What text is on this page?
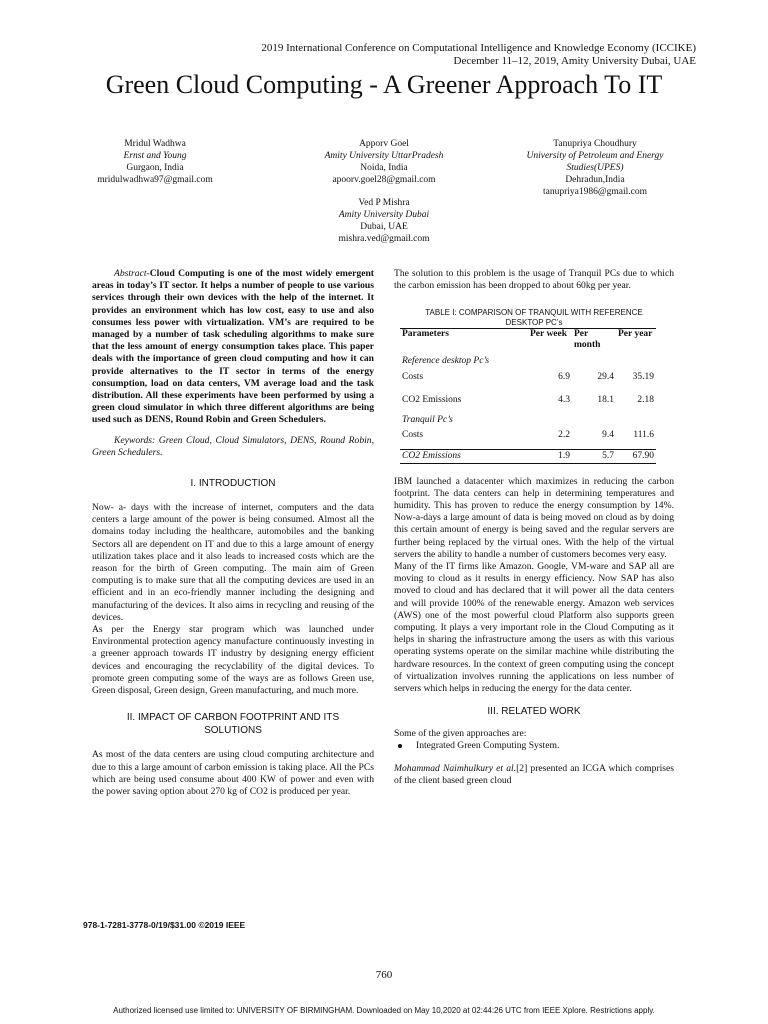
2019 International Conference on Computational Intelligence and Knowledge Economy (ICCIKE)
December 11–12, 2019, Amity University Dubai, UAE
Green Cloud Computing - A Greener Approach To IT
Mridul Wadhwa
Ernst and Young
Gurgaon, India
mridulwadhwa97@gmail.com
Apporv Goel
Amity University UttarPradesh
Noida, India
apoorv.goel28@gmail.com
Tanupriya Choudhury
University of Petroleum and Energy Studies(UPES)
Dehradun,India
tanupriya1986@gmail.com
Ved P Mishra
Amity University Dubai
Dubai, UAE
mishra.ved@gmail.com

Abstract-Cloud Computing is one of the most widely emergent areas in today’s IT sector. It helps a number of people to use various services through their own devices with the help of the internet. It provides an environment which has low cost, easy to use and also consumes less power with virtualization. VM’s are required to be managed by a number of task scheduling algorithms to make sure that the less amount of energy consumption takes place. This paper deals with the importance of green cloud computing and how it can provide alternatives to the IT sector in terms of the energy consumption, load on data centers, VM average load and the task distribution. All these experiments have been performed by using a green cloud simulator in which three different algorithms are being used such as DENS, Round Robin and Green Schedulers.

Keywords: Green Cloud, Cloud Simulators, DENS, Round Robin, Green Schedulers.

I. INTRODUCTION

Now- a- days with the increase of internet, computers and the data centers a large amount of the power is being consumed. Almost all the domains today including the healthcare, automobiles and the banking Sectors all are dependent on IT and due to this a large amount of energy utilization takes place and it also leads to increased costs which are the reason for the birth of Green computing. The main aim of Green computing is to make sure that all the computing devices are used in an efficient and in an eco-friendly manner including the designing and manufacturing of the devices. It also aims in recycling and reusing of the devices.

As per the Energy star program which was launched under Environmental protection agency manufacture continuously investing in a greener approach towards IT industry by designing energy efficient devices and encouraging the recyclability of the digital devices. To promote green computing some of the ways are as follows Green use, Green disposal, Green design, Green manufacturing, and much more.

II. IMPACT OF CARBON FOOTPRINT AND ITS
SOLUTIONS

As most of the data centers are using cloud computing architecture and due to this a large amount of carbon emission is taking place. All the PCs which are being used consume about 400 KW of power and even with the power saving option about 270 kg of CO2 is produced per year.

The solution to this problem is the usage of Tranquil PCs due to which the carbon emission has been dropped to about 60kg per year.

TABLE I: COMPARISON OF TRANQUIL WITH REFERENCE
DESKTOP PC’s
Parameters	Per week	Per month	Per year
Reference desktop Pc’s			
Costs	6.9	29.4	35.19
CO2 Emissions	4.3	18.1	2.18
Tranquil Pc’s			
Costs	2.2	9.4	111.6
CO2 Emissions	1.9	5.7	67.90

IBM launched a datacenter which maximizes in reducing the carbon footprint. The data centers can help in determining temperatures and humidity. This has proven to reduce the energy consumption by 14%. Now-a-days a large amount of data is being moved on cloud as by doing this certain amount of energy is being saved and the regular servers are further being replaced by the virtual ones. With the help of the virtual servers the ability to handle a number of customers becomes very easy.

Many of the IT firms like Amazon. Google, VM-ware and SAP all are moving to cloud as it results in energy efficiency. Now SAP has also moved to cloud and has declared that it will power all the data centers and will provide 100% of the renewable energy. Amazon web services (AWS) one of the most powerful cloud Platform also supports green computing. It plays a very important role in the Cloud Computing as it helps in sharing the infrastructure among the users as with this various operating systems operate on the similar machine while distributing the hardware resources. In the context of green computing using the concept of virtualization involves running the applications on less number of servers which helps in reducing the energy for the data center.

III. RELATED WORK

Some of the given approaches are:

Integrated Green Computing System.

Mohammad Naimhulkury et al.[2] presented an ICGA which comprises of the client based green cloud

978-1-7281-3778-0/19/$31.00 ©2019 IEEE
760
Authorized licensed use limited to: UNIVERSITY OF BIRMINGHAM. Downloaded on May 10,2020 at 02:44:26 UTC from IEEE Xplore. Restrictions apply.
